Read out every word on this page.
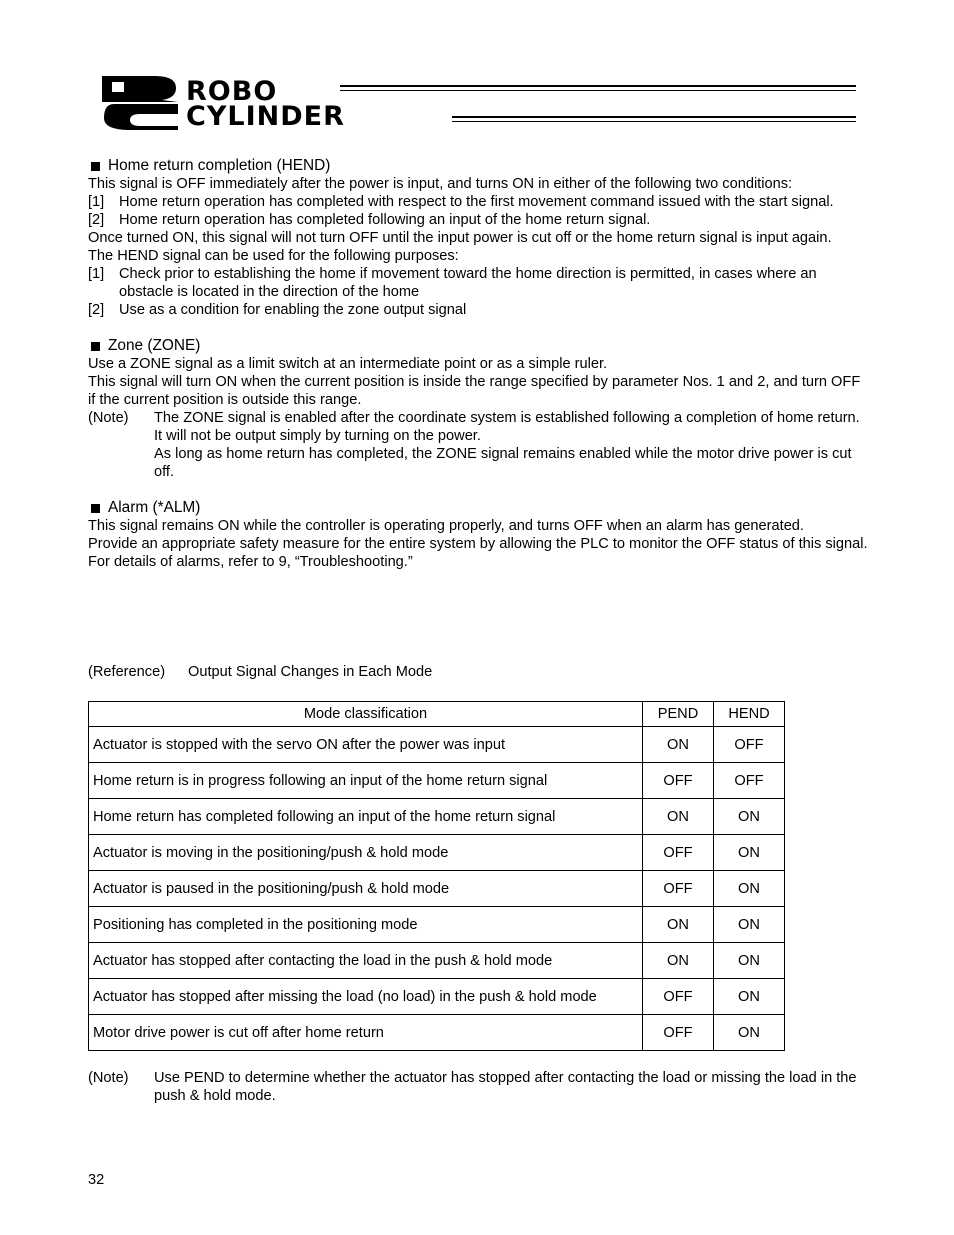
ROBO
CYLINDER
Home return completion (HEND)

This signal is OFF immediately after the power is input, and turns ON in either of the following two conditions:

[1]	Home return operation has completed with respect to the first movement command issued with the start signal.
[2]	Home return operation has completed following an input of the home return signal.

Once turned ON, this signal will not turn OFF until the input power is cut off or the home return signal is input again.

The HEND signal can be used for the following purposes:

[1]	Check prior to establishing the home if movement toward the home direction is permitted, in cases where an obstacle is located in the direction of the home
[2]	Use as a condition for enabling the zone output signal
Zone (ZONE)

Use a ZONE signal as a limit switch at an intermediate point or as a simple ruler.

This signal will turn ON when the current position is inside the range specified by parameter Nos. 1 and 2, and turn OFF if the current position is outside this range.

(Note)	The ZONE signal is enabled after the coordinate system is established following a completion of home return. It will not be output simply by turning on the power.
As long as home return has completed, the ZONE signal remains enabled while the motor drive power is cut off.
Alarm (*ALM)

This signal remains ON while the controller is operating properly, and turns OFF when an alarm has generated.

Provide an appropriate safety measure for the entire system by allowing the PLC to monitor the OFF status of this signal.

For details of alarms, refer to 9, “Troubleshooting.”

(Reference) Output Signal Changes in Each Mode
Mode classification	PEND	HEND
Actuator is stopped with the servo ON after the power was input	ON	OFF
Home return is in progress following an input of the home return signal	OFF	OFF
Home return has completed following an input of the home return signal	ON	ON
Actuator is moving in the positioning/push & hold mode	OFF	ON
Actuator is paused in the positioning/push & hold mode	OFF	ON
Positioning has completed in the positioning mode	ON	ON
Actuator has stopped after contacting the load in the push & hold mode	ON	ON
Actuator has stopped after missing the load (no load) in the push & hold mode	OFF	ON
Motor drive power is cut off after home return	OFF	ON
(Note)	Use PEND to determine whether the actuator has stopped after contacting the load or missing the load in the push & hold mode.
32
